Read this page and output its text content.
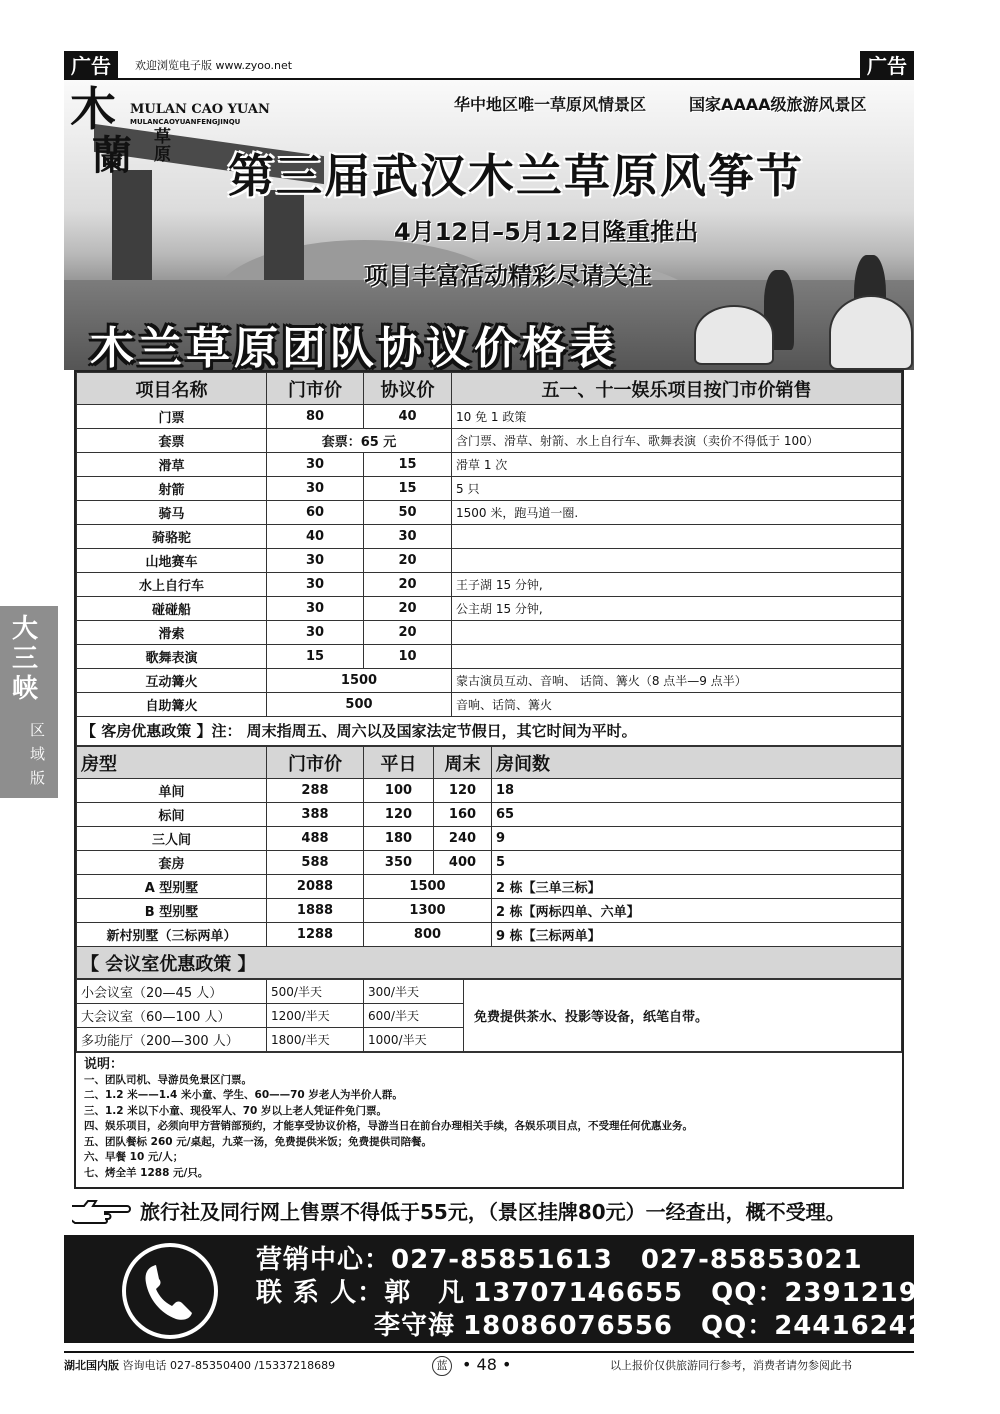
广告	欢迎浏览电子版 www.zyoo.net	广告
木
蘭 草原
MULAN CAO YUAN
MULANCAOYUANFENGJINQU
华中地区唯一草原风情景区	国家AAAA级旅游风景区
第三届武汉木兰草原风筝节
4月12日–5月12日隆重推出
项目丰富活动精彩尽请关注
木兰草原团队协议价格表
项目名称	门市价	协议价	五一、十一娱乐项目按门市价销售
门票	80	40	10 免 1 政策
套票	套票：65 元		含门票、滑草、射箭、水上自行车、歌舞表演（卖价不得低于 100）
滑草	30	15	滑草 1 次
射箭	30	15	5 只
骑马	60	50	1500 米，跑马道一圈.
骑骆驼	40	30	
山地赛车	30	20	
水上自行车	30	20	王子湖 15 分钟,
碰碰船	30	20	公主胡 15 分钟,
滑索	30	20	
歌舞表演	15	10	
互动篝火	1500		蒙古演员互动、音响、 话筒、篝火（8 点半—9 点半）
自助篝火	500		音响、话筒、篝火
【 客房优惠政策 】注： 周末指周五、周六以及国家法定节假日，其它时间为平时。			
房型	门市价	平日	周末	房间数
单间	288	100	120	18
标间	388	120	160	65
三人间	488	180	240	9
套房	588	350	400	5
A 型别墅	2088	1500		2 栋【三单三标】
B 型别墅	1888	1300		2 栋【两标四单、六单】
新村别墅（三标两单）	1288	800		9 栋【三标两单】
【 会议室优惠政策 】				
小会议室（20—45 人）	500/半天	300/半天	免费提供茶水、投影等设备，纸笔自带。
大会议室（60—100 人）	1200/半天	600/半天	
多功能厅（200—300 人）	1800/半天	1000/半天	
说明：
一、团队司机、导游员免景区门票。
二、1.2 米——1.4 米小童、学生、60——70 岁老人为半价人群。
三、1.2 米以下小童、现役军人、70 岁以上老人凭证件免门票。
四、娱乐项目，必须向甲方营销部预约，才能享受协议价格，导游当日在前台办理相关手续，各娱乐项目点，不受理任何优惠业务。
五、团队餐标 260 元/桌起，九菜一汤，免费提供米饭；免费提供司陪餐。
六、早餐 10 元/人；
七、烤全羊 1288 元/只。
旅行社及同行网上售票不得低于55元，（景区挂牌80元）一经查出，概不受理。
营销中心：027-85851613 027-85853021
联 系 人：郭　凡 13707146655 QQ：2391219480
李守海 18086076556 QQ：244162426
大三峡
区域版
湖北国内版 咨询电话 027-85350400 /15337218689	蓝 • 48 •	以上报价仅供旅游同行参考，消费者请勿参阅此书
